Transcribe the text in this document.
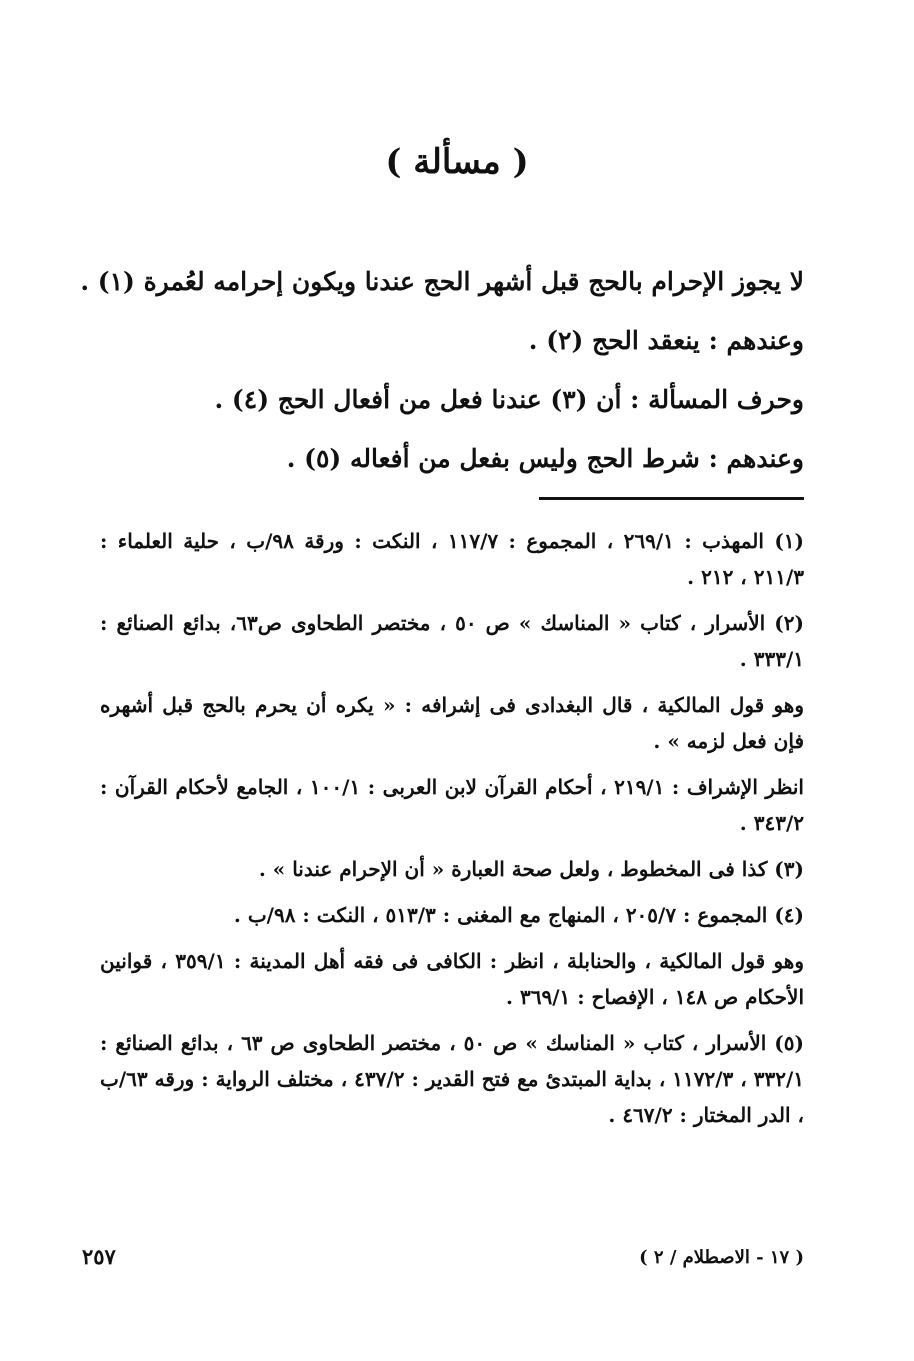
( مسألة )

لا يجوز الإحرام بالحج قبل أشهر الحج عندنا ويكون إحرامه لعُمرة (١) .

وعندهم : ينعقد الحج (٢) .

وحرف المسألة : أن (٣) عندنا فعل من أفعال الحج (٤) .

وعندهم : شرط الحج وليس بفعل من أفعاله (٥) .

(١) المهذب : ٢٦٩/١ ، المجموع : ١١٧/٧ ، النكت : ورقة ٩٨/ب ، حلية العلماء : ٢١١/٣ ، ٢١٢ .

(٢) الأسرار ، كتاب « المناسك » ص ٥٠ ، مختصر الطحاوى ص٦٣، بدائع الصنائع : ٣٣٣/١ .

وهو قول المالكية ، قال البغدادى فى إشرافه : « يكره أن يحرم بالحج قبل أشهره فإن فعل لزمه » .

انظر الإشراف : ٢١٩/١ ، أحكام القرآن لابن العربى : ١٠٠/١ ، الجامع لأحكام القرآن : ٣٤٣/٢ .

(٣) كذا فى المخطوط ، ولعل صحة العبارة « أن الإحرام عندنا » .

(٤) المجموع : ٢٠٥/٧ ، المنهاج مع المغنى : ٥١٣/٣ ، النكت : ٩٨/ب .

وهو قول المالكية ، والحنابلة ، انظر : الكافى فى فقه أهل المدينة : ٣٥٩/١ ، قوانين الأحكام ص ١٤٨ ، الإفصاح : ٣٦٩/١ .

(٥) الأسرار ، كتاب « المناسك » ص ٥٠ ، مختصر الطحاوى ص ٦٣ ، بدائع الصنائع : ٣٣٢/١ ، ١١٧٢/٣ ، بداية المبتدئ مع فتح القدير : ٤٣٧/٢ ، مختلف الرواية : ورقه ٦٣/ب ، الدر المختار : ٤٦٧/٢ .

( ١٧ - الاصطلام / ٢ )
٢٥٧
